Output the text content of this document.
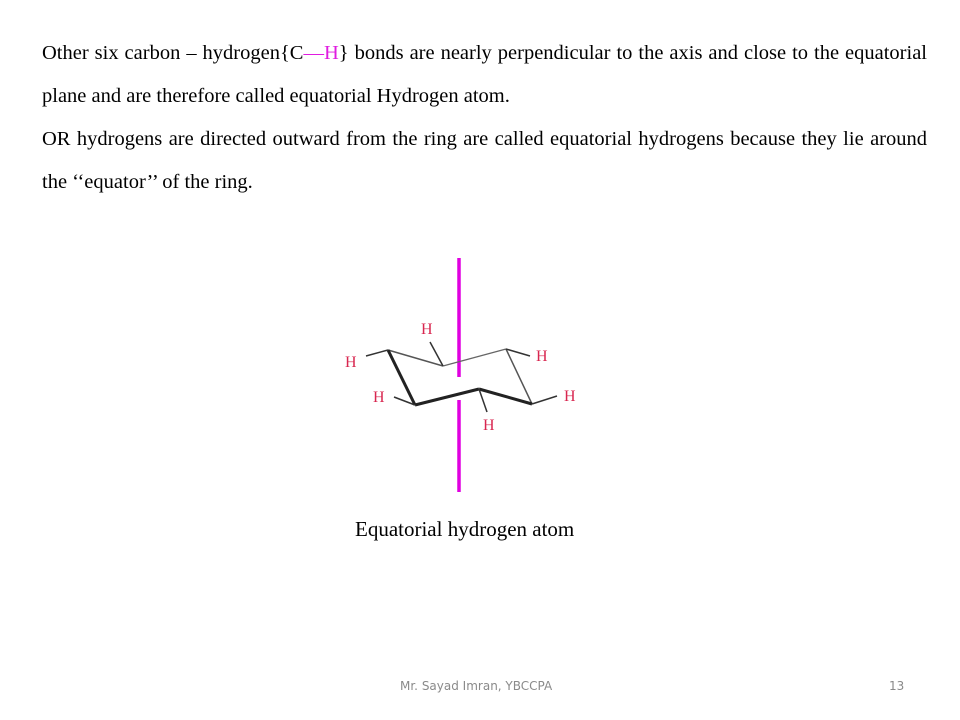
Other six carbon – hydrogen{C—H} bonds are nearly perpendicular to the axis and close to the equatorial plane and are therefore called equatorial Hydrogen atom.
OR hydrogens are directed outward from the ring are called equatorial hydrogens because they lie around the ‘‘equator’’ of the ring.
H
H
H
H
H
H
Equatorial hydrogen atom
Mr. Sayad Imran, YBCCPA	13
